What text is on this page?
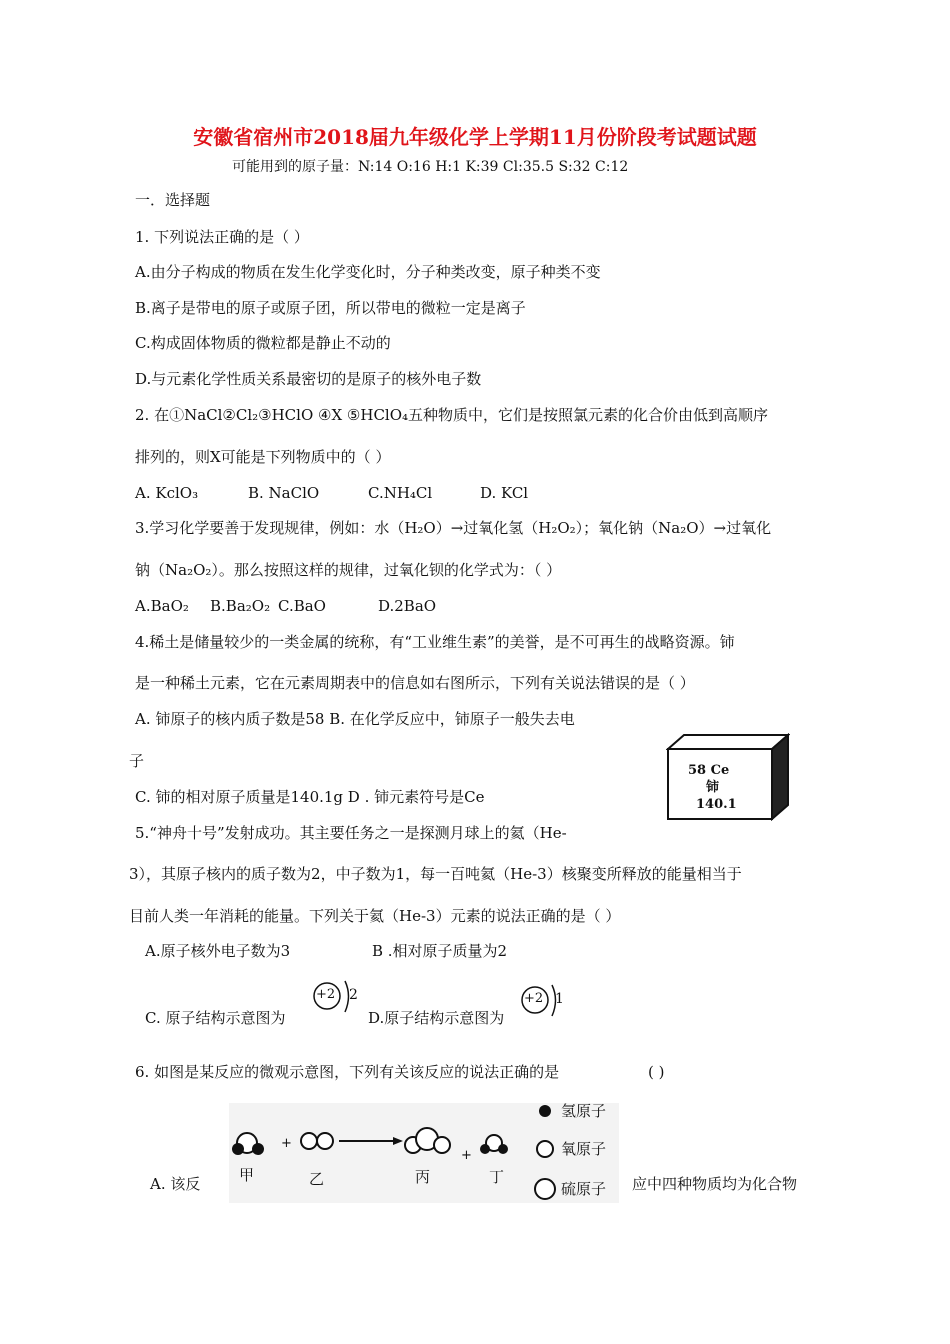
安徽省宿州市2018届九年级化学上学期11月份阶段考试题试题
可能用到的原子量：N:14 O:16 H:1 K:39 Cl:35.5 S:32 C:12
一．选择题
1. 下列说法正确的是（ ）
A.由分子构成的物质在发生化学变化时，分子种类改变，原子种类不变
B.离子是带电的原子或原子团，所以带电的微粒一定是离子
C.构成固体物质的微粒都是静止不动的
D.与元素化学性质关系最密切的是原子的核外电子数
2. 在①NaCl②Cl₂③HClO ④X ⑤HClO₄五种物质中，它们是按照氯元素的化合价由低到高顺序
排列的，则X可能是下列物质中的（ ）
A. KclO₃	B. NaClO	C.NH₄Cl	D. KCl
3.学习化学要善于发现规律，例如：水（H₂O）→过氧化氢（H₂O₂）；氧化钠（Na₂O）→过氧化
钠（Na₂O₂）。那么按照这样的规律，过氧化钡的化学式为：（ ）
A.BaO₂ B.Ba₂O₂ C.BaO	D.2BaO
4.稀土是储量较少的一类金属的统称，有“工业维生素”的美誉，是不可再生的战略资源。铈
是一种稀土元素，它在元素周期表中的信息如右图所示，下列有关说法错误的是（ ）
A. 铈原子的核内质子数是58 B. 在化学反应中，铈原子一般失去电
子
C. 铈的相对原子质量是140.1g D . 铈元素符号是Ce
58 Ce
铈
140.1
5.“神舟十号”发射成功。其主要任务之一是探测月球上的氦（He-
3），其原子核内的质子数为2，中子数为1，每一百吨氦（He-3）核聚变所释放的能量相当于
目前人类一年消耗的能量。下列关于氦（He-3）元素的说法正确的是（ ）
A.原子核外电子数为3	B .相对原子质量为2
C. 原子结构示意图为
+2 2
D.原子结构示意图为
+2 1
6. 如图是某反应的微观示意图，下列有关该反应的说法正确的是	( )
A. 该反
+
+
甲	乙	丙	丁
氢原子
氧原子
硫原子 应中四种物质均为化合物
